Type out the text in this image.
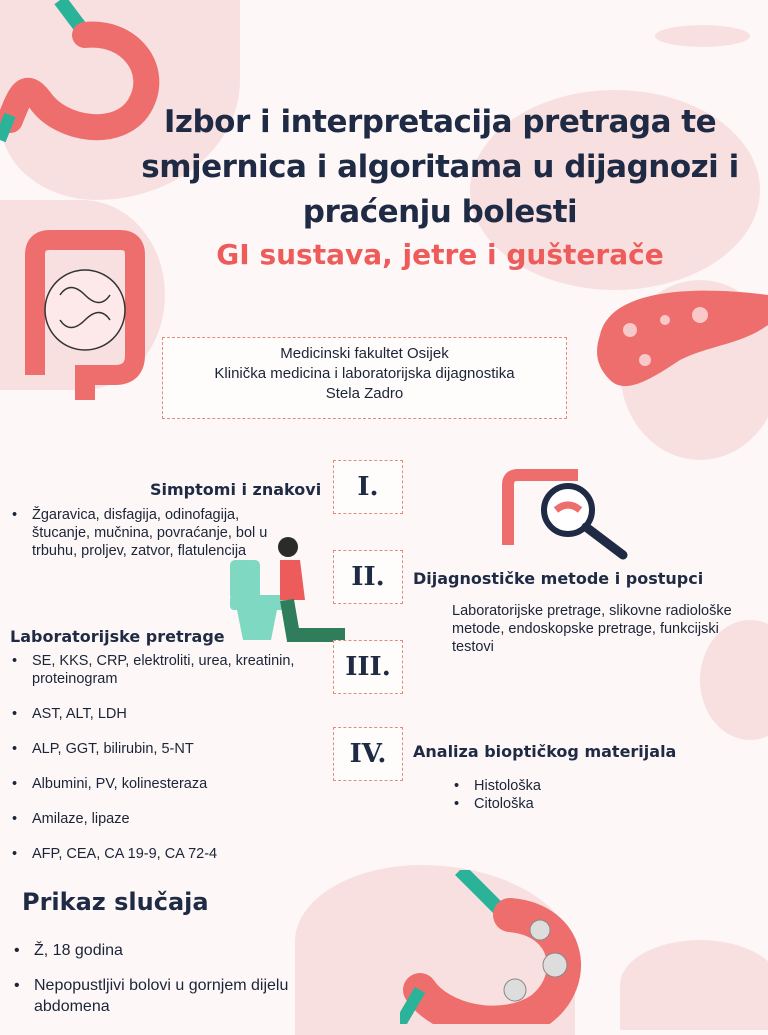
Izbor i interpretacija pretraga te
smjernica i algoritama u dijagnozi i
praćenju bolesti
GI sustava, jetre i gušterače
Medicinski fakultet Osijek
Klinička medicina i laboratorijska dijagnostika
Stela Zadro
I.
Simptomi i znakovi
• Žgaravica, disfagija, odinofagija, štucanje, mučnina, povraćanje, bol u trbuhu, proljev, zatvor, flatulencija
II.	Dijagnostičke metode i postupci
Laboratorijske pretrage, slikovne radiološke metode, endoskopske pretrage, funkcijski testovi
III.
Laboratorijske pretrage
• SE, KKS, CRP, elektroliti, urea, kreatinin, proteinogram
• AST, ALT, LDH
• ALP, GGT, bilirubin, 5-NT
• Albumini, PV, kolinesteraza
• Amilaze, lipaze
• AFP, CEA, CA 19-9, CA 72-4
IV.	Analiza bioptičkog materijala
• Histološka
• Citološka
Prikaz slučaja
• Ž, 18 godina
• Nepopustljivi bolovi u gornjem dijelu abdomena
